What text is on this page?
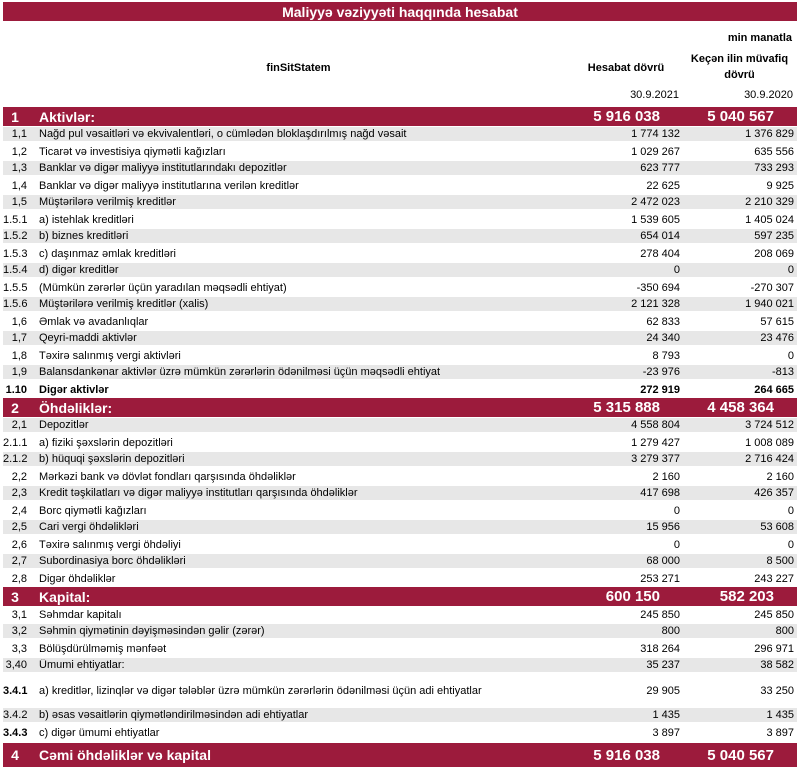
Maliyyə vəziyyəti haqqında hesabat
min manatla
finSitStatem	Hesabat dövrü
Keçən ilin müvafiq dövrü
30.9.2021	30.9.2020
1	Aktivlər:	5 916 038	5 040 567
1,1 Nağd pul vəsaitləri və ekvivalentləri, o cümlədən bloklaşdırılmış nağd vəsait	1 774 132	1 376 829
1,2 Ticarət və investisiya qiymətli kağızları	1 029 267	635 556
1,3 Banklar və digər maliyyə institutlarındakı depozitlər	623 777	733 293
1,4 Banklar və digər maliyyə institutlarına verilən kreditlər	22 625	9 925
1,5 Müştərilərə verilmiş kreditlər	2 472 023	2 210 329
1.5.1 a) istehlak kreditləri	1 539 605	1 405 024
1.5.2 b) biznes kreditləri	654 014	597 235
1.5.3 c) daşınmaz əmlak kreditləri	278 404	208 069
1.5.4 d) digər kreditlər	0	0
1.5.5 (Mümkün zərərlər üçün yaradılan məqsədli ehtiyat)	-350 694	-270 307
1.5.6 Müştərilərə verilmiş kreditlər (xalis)	2 121 328	1 940 021
1,6 Əmlak və avadanlıqlar	62 833	57 615
1,7 Qeyri-maddi aktivlər	24 340	23 476
1,8 Təxirə salınmış vergi aktivləri	8 793	0
1,9 Balansdankənar aktivlər üzrə mümkün zərərlərin ödənilməsi üçün məqsədli ehtiyat	-23 976	-813
1.10 Digər aktivlər	272 919	264 665
2	Öhdəliklər:	5 315 888	4 458 364
2,1 Depozitlər	4 558 804	3 724 512
2.1.1 a) fiziki şəxslərin depozitləri	1 279 427	1 008 089
2.1.2 b) hüquqi şəxslərin depozitləri	3 279 377	2 716 424
2,2 Mərkəzi bank və dövlət fondları qarşısında öhdəliklər	2 160	2 160
2,3 Kredit təşkilatları və digər maliyyə institutları qarşısında öhdəliklər	417 698	426 357
2,4 Borc qiymətli kağızları	0	0
2,5 Cari vergi öhdəlikləri	15 956	53 608
2,6 Təxirə salınmış vergi öhdəliyi	0	0
2,7 Subordinasiya borc öhdəlikləri	68 000	8 500
2,8 Digər öhdəliklər	253 271	243 227
3	Kapital:	600 150	582 203
3,1 Səhmdar kapitalı	245 850	245 850
3,2 Səhmin qiymətinin dəyişməsindən gəlir (zərər)	800	800
3,3 Bölüşdürülməmiş mənfəət	318 264	296 971
3,40 Ümumi ehtiyatlar:	35 237	38 582
3.4.1 a) kreditlər, lizinqlər və digər tələblər üzrə mümkün zərərlərin ödənilməsi üçün adi ehtiyatlar	29 905	33 250
3.4.2 b) əsas vəsaitlərin qiymətləndirilməsindən adi ehtiyatlar	1 435	1 435
3.4.3 c) digər ümumi ehtiyatlar	3 897	3 897
4	Cəmi öhdəliklər və kapital	5 916 038	5 040 567
